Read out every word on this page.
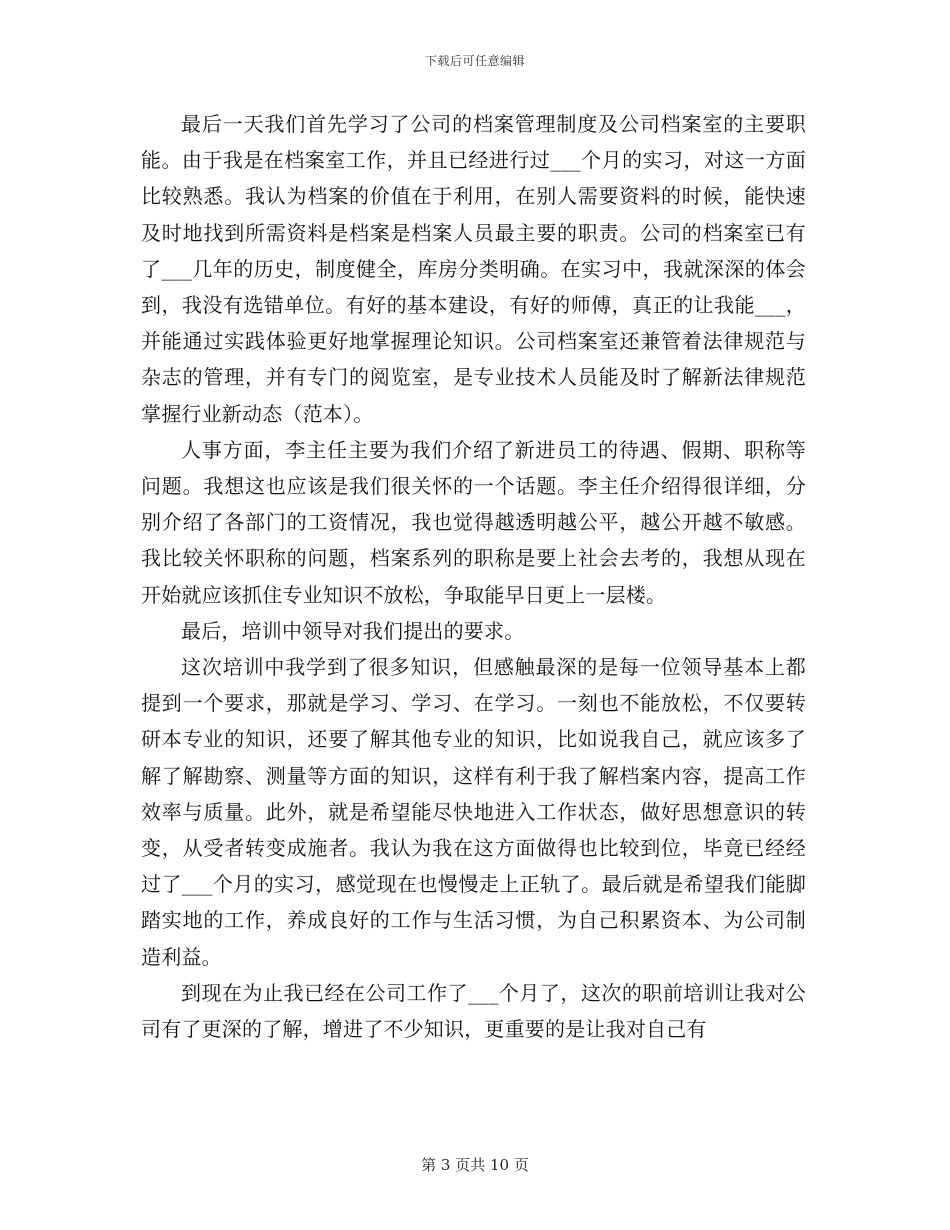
下载后可任意编辑

最后一天我们首先学习了公司的档案管理制度及公司档案室的主要职能。由于我是在档案室工作，并且已经进行过___个月的实习，对这一方面比较熟悉。我认为档案的价值在于利用，在别人需要资料的时候，能快速及时地找到所需资料是档案是档案人员最主要的职责。公司的档案室已有了___几年的历史，制度健全，库房分类明确。在实习中，我就深深的体会到，我没有选错单位。有好的基本建设，有好的师傅，真正的让我能___，并能通过实践体验更好地掌握理论知识。公司档案室还兼管着法律规范与杂志的管理，并有专门的阅览室，是专业技术人员能及时了解新法律规范掌握行业新动态（范本）。

人事方面，李主任主要为我们介绍了新进员工的待遇、假期、职称等问题。我想这也应该是我们很关怀的一个话题。李主任介绍得很详细，分别介绍了各部门的工资情况，我也觉得越透明越公平，越公开越不敏感。我比较关怀职称的问题，档案系列的职称是要上社会去考的，我想从现在开始就应该抓住专业知识不放松，争取能早日更上一层楼。

最后，培训中领导对我们提出的要求。

这次培训中我学到了很多知识，但感触最深的是每一位领导基本上都提到一个要求，那就是学习、学习、在学习。一刻也不能放松，不仅要转研本专业的知识，还要了解其他专业的知识，比如说我自己，就应该多了解了解勘察、测量等方面的知识，这样有利于我了解档案内容，提高工作效率与质量。此外，就是希望能尽快地进入工作状态，做好思想意识的转变，从受者转变成施者。我认为我在这方面做得也比较到位，毕竟已经经过了___个月的实习，感觉现在也慢慢走上正轨了。最后就是希望我们能脚踏实地的工作，养成良好的工作与生活习惯，为自己积累资本、为公司制造利益。

到现在为止我已经在公司工作了___个月了，这次的职前培训让我对公司有了更深的了解，增进了不少知识，更重要的是让我对自己有

第 3 页共 10 页
